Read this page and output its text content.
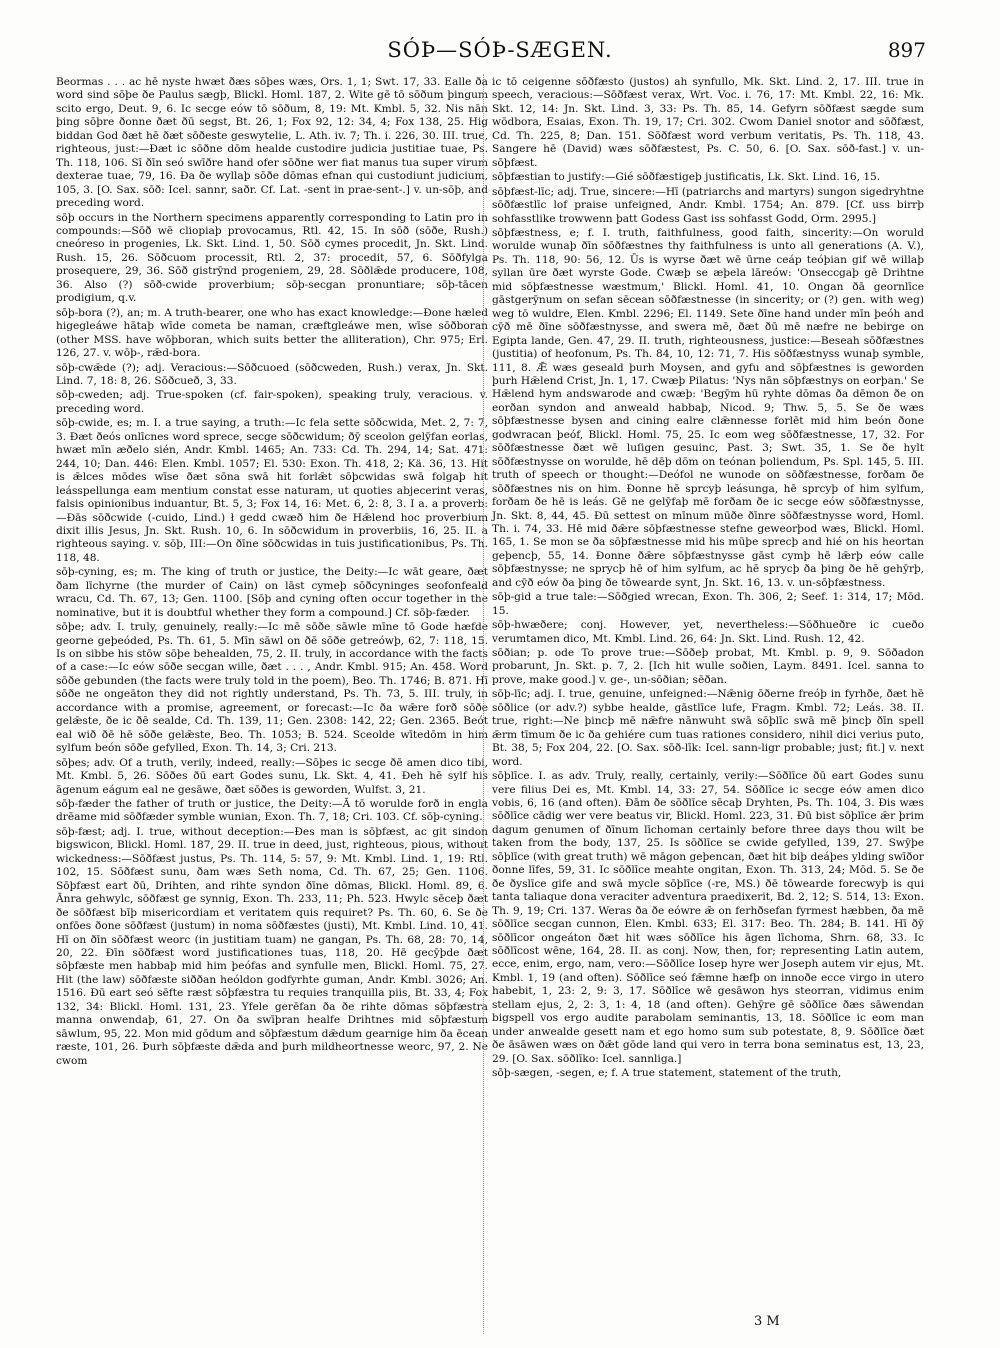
SÓÞ—SÓÞ-SÆGEN.	897

Beormas . . . ac hē nyste hwæt ðæs sōþes wæs, Ors. 1, 1; Swt. 17, 33. Ealle ða word sind sōþe ðe Paulus sægþ, Blickl. Homl. 187, 2. Wite gē tō sōðum þingum scito ergo, Deut. 9, 6. Ic secge eów tō sōðum, 8, 19: Mt. Kmbl. 5, 32. Nis nān þing sōþre ðonne ðæt ðū segst, Bt. 26, 1; Fox 92, 12: 34, 4; Fox 138, 25. Hig biddan God ðæt hē ðæt sōðeste geswytelie, L. Ath. iv. 7; Th. i. 226, 30. III. true, righteous, just:—Ðæt ic sōðne dōm healde custodire judicia justitiae tuae, Ps. Th. 118, 106. Sī ðīn seó swīðre hand ofer sōðne wer fiat manus tua super virum dexterae tuae, 79, 16. Ða ðe wyllaþ sōðe dōmas efnan qui custodiunt judicium, 105, 3. [O. Sax. sōð: Icel. sannr, saðr. Cf. Lat. -sent in prae-sent-.] v. un-sōþ, and preceding word.

sōþ occurs in the Northern specimens apparently corresponding to Latin pro in compounds:—Sōð wē cliopiaþ provocamus, Rtl. 42, 15. In sōð (sōðe, Rush.) cneóreso in progenies, Lk. Skt. Lind. 1, 50. Sōð cymes procedit, Jn. Skt. Lind. Rush. 15, 26. Sōðcuom processit, Rtl. 2, 37: procedit, 57, 6. Sōðfylga prosequere, 29, 36. Sōð gistrȳnd progeniem, 29, 28. Sōðlǣde producere, 108, 36. Also (?) sōð-cwide proverbium; sōþ-secgan pronuntiare; sōþ-tācen prodigium, q.v.

sōþ-bora (?), an; m. A truth-bearer, one who has exact knowledge:—Ðone hæled higegleáwe hātaþ wīde cometa be naman, cræftgleáwe men, wīse sōðboran (other MSS. have wōþboran, which suits better the alliteration), Chr. 975; Erl. 126, 27. v. wōþ-, rǣd-bora.

sōþ-cwǣde (?); adj. Veracious:—Sōðcuoed (sōðcweden, Rush.) verax, Jn. Skt. Lind. 7, 18: 8, 26. Sōðcueð, 3, 33.

sōþ-cweden; adj. True-spoken (cf. fair-spoken), speaking truly, veracious. v. preceding word.

sōþ-cwide, es; m. I. a true saying, a truth:—Ic fela sette sōðcwida, Met. 2, 7: 7, 3. Ðæt ðeós onlīcnes word sprece, secge sōðcwidum; ðȳ sceolon gelȳfan eorlas, hwæt mīn æðelo sién, Andr. Kmbl. 1465; An. 733: Cd. Th. 294, 14; Sat. 471: 244, 10; Dan. 446: Elen. Kmbl. 1057; El. 530: Exon. Th. 418, 2; Kä. 36, 13. Hit is ǣlces mōdes wīse ðæt sōna swā hit forlǣt sōþcwidas swā folgaþ hit leásspellunga eam mentium constat esse naturam, ut quoties abjecerint veras, falsis opinionibus induantur, Bt. 5, 3; Fox 14, 16: Met. 6, 2: 8, 3. I a. a proverb:—Ðās sōðcwide (-cuido, Lind.) ł gedd cwæð him ðe Hǣlend hoc proverbium dixit illis Jesus, Jn. Skt. Rush. 10, 6. In sōðcwidum in proverbiis, 16, 25. II. a righteous saying. v. sōþ, III:—On ðīne sōðcwidas in tuis justificationibus, Ps. Th. 118, 48.

sōþ-cyning, es; m. The king of truth or justice, the Deity:—Ic wāt geare, ðæt ðam līchyrne (the murder of Cain) on lāst cymeþ sōðcyninges seofonfeald wracu, Cd. Th. 67, 13; Gen. 1100. [Sōþ and cyning often occur together in the nominative, but it is doubtful whether they form a compound.] Cf. sōþ-fæder.

sōþe; adv. I. truly, genuinely, really:—Ic mē sōðe sāwle mīne tō Gode hæfde georne geþeóded, Ps. Th. 61, 5. Mīn sāwl on ðē sōðe getreówþ, 62, 7: 118, 15. Is on sibbe his stōw sōþe behealden, 75, 2. II. truly, in accordance with the facts of a case:—Ic eów sōðe secgan wille, ðæt . . . , Andr. Kmbl. 915; An. 458. Word sōðe gebunden (the facts were truly told in the poem), Beo. Th. 1746; B. 871. Hī sōðe ne ongeāton they did not rightly understand, Ps. Th. 73, 5. III. truly, in accordance with a promise, agreement, or forecast:—Ic ða wǣre forð sōðe gelǣste, ðe ic ðē sealde, Cd. Th. 139, 11; Gen. 2308: 142, 22; Gen. 2365. Beót eal wið ðē hē sōðe gelǣste, Beo. Th. 1053; B. 524. Sceolde wītedōm in him sylfum beón sōðe gefylled, Exon. Th. 14, 3; Cri. 213.

sōþes; adv. Of a truth, verily, indeed, really:—Sōþes ic secge ðē amen dico tibi, Mt. Kmbl. 5, 26. Sōðes ðū eart Godes sunu, Lk. Skt. 4, 41. Ðeh hē sylf his āgenum eágum eal ne gesāwe, ðæt sōðes is geworden, Wulfst. 3, 21.

sōþ-fæder the father of truth or justice, the Deity:—Ā tō worulde forð in engla drēame mid sōðfæder symble wunian, Exon. Th. 7, 18; Cri. 103. Cf. sōþ-cyning.

sōþ-fæst; adj. I. true, without deception:—Ðes man is sōþfæst, ac git sindon bigswicon, Blickl. Homl. 187, 29. II. true in deed, just, righteous, pious, without wickedness:—Sōðfæst justus, Ps. Th. 114, 5: 57, 9: Mt. Kmbl. Lind. 1, 19: Rtl. 102, 15. Sōðfæst sunu, ðam wæs Seth noma, Cd. Th. 67, 25; Gen. 1106. Sōþfæst eart ðū, Drihten, and rihte syndon ðīne dōmas, Blickl. Homl. 89, 6. Ānra gehwylc, sōðfæst ge synnig, Exon. Th. 233, 11; Ph. 523. Hwylc sēceþ ðæt ðe sōðfæst bīþ misericordiam et veritatem quis requiret? Ps. Th. 60, 6. Se ðe onfōes ðone sōðfæst (justum) in noma sōðfæstes (justi), Mt. Kmbl. Lind. 10, 41. Hī on ðīn sōðfæst weorc (in justitiam tuam) ne gangan, Ps. Th. 68, 28: 70, 14, 20, 22. Ðīn sōðfæst word justificationes tuas, 118, 20. Hē gecȳþde ðæt sōþfæste men habbaþ mid him þeófas and synfulle men, Blickl. Homl. 75, 27. Hit (the law) sōðfæste siððan heóldon godfyrhte guman, Andr. Kmbl. 3026; An. 1516. Ðū eart seó sēfte ræst sōþfæstra tu requies tranquilla piis, Bt. 33, 4; Fox 132, 34: Blickl. Homl. 131, 23. Yfele gerēfan ða ðe rihte dōmas sōþfæstra manna onwendaþ, 61, 27. On ða swīþran healfe Drihtnes mid sōþfæstum sāwlum, 95, 22. Mon mid gōdum and sōþfæstum dǣdum gearnige him ða ēcean ræste, 101, 26. Þurh sōþfæste dǣda and þurh mildheortnesse weorc, 97, 2. Ne cwom

ic tō ceigenne sōðfæsto (justos) ah synfullo, Mk. Skt. Lind. 2, 17. III. true in speech, veracious:—Sōðfæst verax, Wrt. Voc. i. 76, 17: Mt. Kmbl. 22, 16: Mk. Skt. 12, 14: Jn. Skt. Lind. 3, 33: Ps. Th. 85, 14. Gefyrn sōðfæst sægde sum wōdbora, Esaias, Exon. Th. 19, 17; Cri. 302. Cwom Daniel snotor and sōðfæst, Cd. Th. 225, 8; Dan. 151. Sōðfæst word verbum veritatis, Ps. Th. 118, 43. Sangere hē (David) wæs sōðfæstest, Ps. C. 50, 6. [O. Sax. sōð-fast.] v. un-sōþfæst.

sōþfæstian to justify:—Gié sōðfæstigeþ justificatis, Lk. Skt. Lind. 16, 15.

sōþfæst-līc; adj. True, sincere:—Hī (patriarchs and martyrs) sungon sigedryhtne sōðfæstlīc lof praise unfeigned, Andr. Kmbl. 1754; An. 879. [Cf. uss birrþ sohfasstlike trowwenn þatt Godess Gast iss sohfasst Godd, Orm. 2995.]

sōþfæstness, e; f. I. truth, faithfulness, good faith, sincerity:—On woruld worulde wunaþ ðīn sōðfæstnes thy faithfulness is unto all generations (A. V.), Ps. Th. 118, 90: 56, 12. Ūs is wyrse ðæt wē ūrne ceáp teóþian gif wē willaþ syllan ūre ðæt wyrste Gode. Cwæþ se æþela lāreów: 'Onseccgaþ gē Drihtne mid sōþfæstnesse wæstmum,' Blickl. Homl. 41, 10. Ongan ðā geornlīce gāstgerȳnum on sefan sēcean sōðfæstnesse (in sincerity; or (?) gen. with weg) weg tō wuldre, Elen. Kmbl. 2296; El. 1149. Sete ðīne hand under mīn þeóh and cȳð mē ðīne sōðfæstnysse, and swera mē, ðæt ðū mē næfre ne bebirge on Egipta lande, Gen. 47, 29. II. truth, righteousness, justice:—Beseah sōðfæstnes (justitia) of heofonum, Ps. Th. 84, 10, 12: 71, 7. His sōðfæstnyss wunaþ symble, 111, 8. Ǣ wæs geseald þurh Moysen, and gyfu and sōþfæstnes is geworden þurh Hǣlend Crist, Jn. 1, 17. Cwæþ Pilatus: 'Nys nān sōþfæstnys on eorþan.' Se Hǣlend hym andswarode and cwæþ: 'Begȳm hū ryhte dōmas ða dēmon ðe on eorðan syndon and anweald habbaþ, Nicod. 9; Thw. 5, 5. Se ðe wæs sōþfæstnesse bysen and cining ealre clǣnnesse forlēt mid him beón ðone godwracan þeóf, Blickl. Homl. 75, 25. Ic eom weg sōðfæstnesse, 17, 32. For sōðfæstnesse ðæt wē luſigen gesuinc, Past. 3; Swt. 35, 1. Se ðe hylt sōðfæstnysse on worulde, hē dēþ dōm on teónan þoliendum, Ps. Spl. 145, 5. III. truth of speech or thought:—Deófol ne wunode on sōðfæstnesse, forðam ðe sōðfæstnes nis on him. Ðonne hē sprcyþ leásunga, hē sprcyþ of him sylfum, forðam ðe hē is leás. Gē ne gelȳfaþ mē forðam ðe ic secge eów sōðfæstnysse, Jn. Skt. 8, 44, 45. Ðū settest on mīnum mūðe ðīnre sōðfæstnysse word, Homl. Th. i. 74, 33. Hē mid ðǣre sōþfæstnesse stefne geweorþod wæs, Blickl. Homl. 165, 1. Se mon se ða sōþfæstnesse mid his mūþe sprecþ and hié on his heortan geþencþ, 55, 14. Ðonne ðǣre sōþfæstnysse gāst cymþ hē lǣrþ eów calle sōþfæstnysse; ne sprycþ hē of him sylfum, ac hē sprycþ ða þing ðe hē gehȳrþ, and cȳð eów ða þing ðe tōwearde synt, Jn. Skt. 16, 13. v. un-sōþfæstness.

sōþ-gid a true tale:—Sōðgied wrecan, Exon. Th. 306, 2; Seef. 1: 314, 17; Mōd. 15.

sōþ-hwæðere; conj. However, yet, nevertheless:—Sōðhueðre ic cueðo verumtamen dico, Mt. Kmbl. Lind. 26, 64: Jn. Skt. Lind. Rush. 12, 42.

sōðian; p. ode To prove true:—Sōðeþ probat, Mt. Kmbl. p. 9, 9. Sōðadon probarunt, Jn. Skt. p. 7, 2. [Ich hit wulle soðien, Laym. 8491. Icel. sanna to prove, make good.] v. ge-, un-sōðian; sēðan.

sōþ-līc; adj. I. true, genuine, unfeigned:—Nǣnig ōðerne freóþ in fyrhðe, ðæt hē sōðlice (or adv.?) sybbe healde, gāstlīce lufe, Fragm. Kmbl. 72; Leás. 38. II. true, right:—Ne þincþ mē nǣfre nānwuht swā sōþlīc swā mē þincþ ðīn spell ǣrm tīmum ðe ic ða gehiére cum tuas rationes considero, nihil dici verius puto, Bt. 38, 5; Fox 204, 22. [O. Sax. sōð-līk: Icel. sann-ligr probable; just; fit.] v. next word.

sōþlīce. I. as adv. Truly, really, certainly, verily:—Sōðlīce ðū eart Godes sunu vere filius Dei es, Mt. Kmbl. 14, 33: 27, 54. Sōðlīce ic secge eów amen dico vobis, 6, 16 (and often). Ðām ðe sōðlīce sēcaþ Dryhten, Ps. Th. 104, 3. Ðis wæs sōðlīce cādig wer vere beatus vir, Blickl. Homl. 223, 31. Ðū bist sōþlīce ǣr þrim dagum genumen of ðīnum līchoman certainly before three days thou wilt be taken from the body, 137, 25. Is sōðlīce se cwide gefylled, 139, 27. Swȳþe sōþlīce (with great truth) wē māgon geþencan, ðæt hit biþ deáþes ylding swīðor ðonne līfes, 59, 31. Ic sōðlīce meahte ongitan, Exon. Th. 313, 24; Mōd. 5. Se ðe ðe ðyslīce gife and swā mycle sōþlīce (-re, MS.) ðē tōwearde forecwyþ is qui tanta taliaque dona veraciter adventura praedixerit, Bd. 2, 12; S. 514, 13: Exon. Th. 9, 19; Cri. 137. Weras ða ðe eówre ǣ on ferhðsefan fyrmest hæbben, ða mē sōðlīce secgan cunnon, Elen. Kmbl. 633; El. 317: Beo. Th. 284; B. 141. Hī ðȳ sōðlīcor ongeáton ðæt hit wæs sōðlīce his āgen līchoma, Shrn. 68, 33. Ic sōðlīcost wēne, 164, 28. II. as conj. Now, then, for; representing Latin autem, ecce, enim, ergo, nam, vero:—Sōðlīce Iosep hyre wer Joseph autem vir ejus, Mt. Kmbl. 1, 19 (and often). Sōðlīce seó fǣmne hæfþ on innoðe ecce virgo in utero habebit, 1, 23: 2, 9: 3, 17. Sōðlīce wē gesāwon hys steorran, vidimus enim stellam ejus, 2, 2: 3, 1: 4, 18 (and often). Gehȳre gē sōðlīce ðæs sāwendan bigspell vos ergo audite parabolam seminantis, 13, 18. Sōðlīce ic eom man under anwealde gesett nam et ego homo sum sub potestate, 8, 9. Sōðlīce ðæt ðe āsāwen wæs on ðǣt gōde land qui vero in terra bona seminatus est, 13, 23, 29. [O. Sax. sōðlīko: Icel. sannliga.]

sōþ-sægen, -segen, e; f. A true statement, statement of the truth,

3 M
